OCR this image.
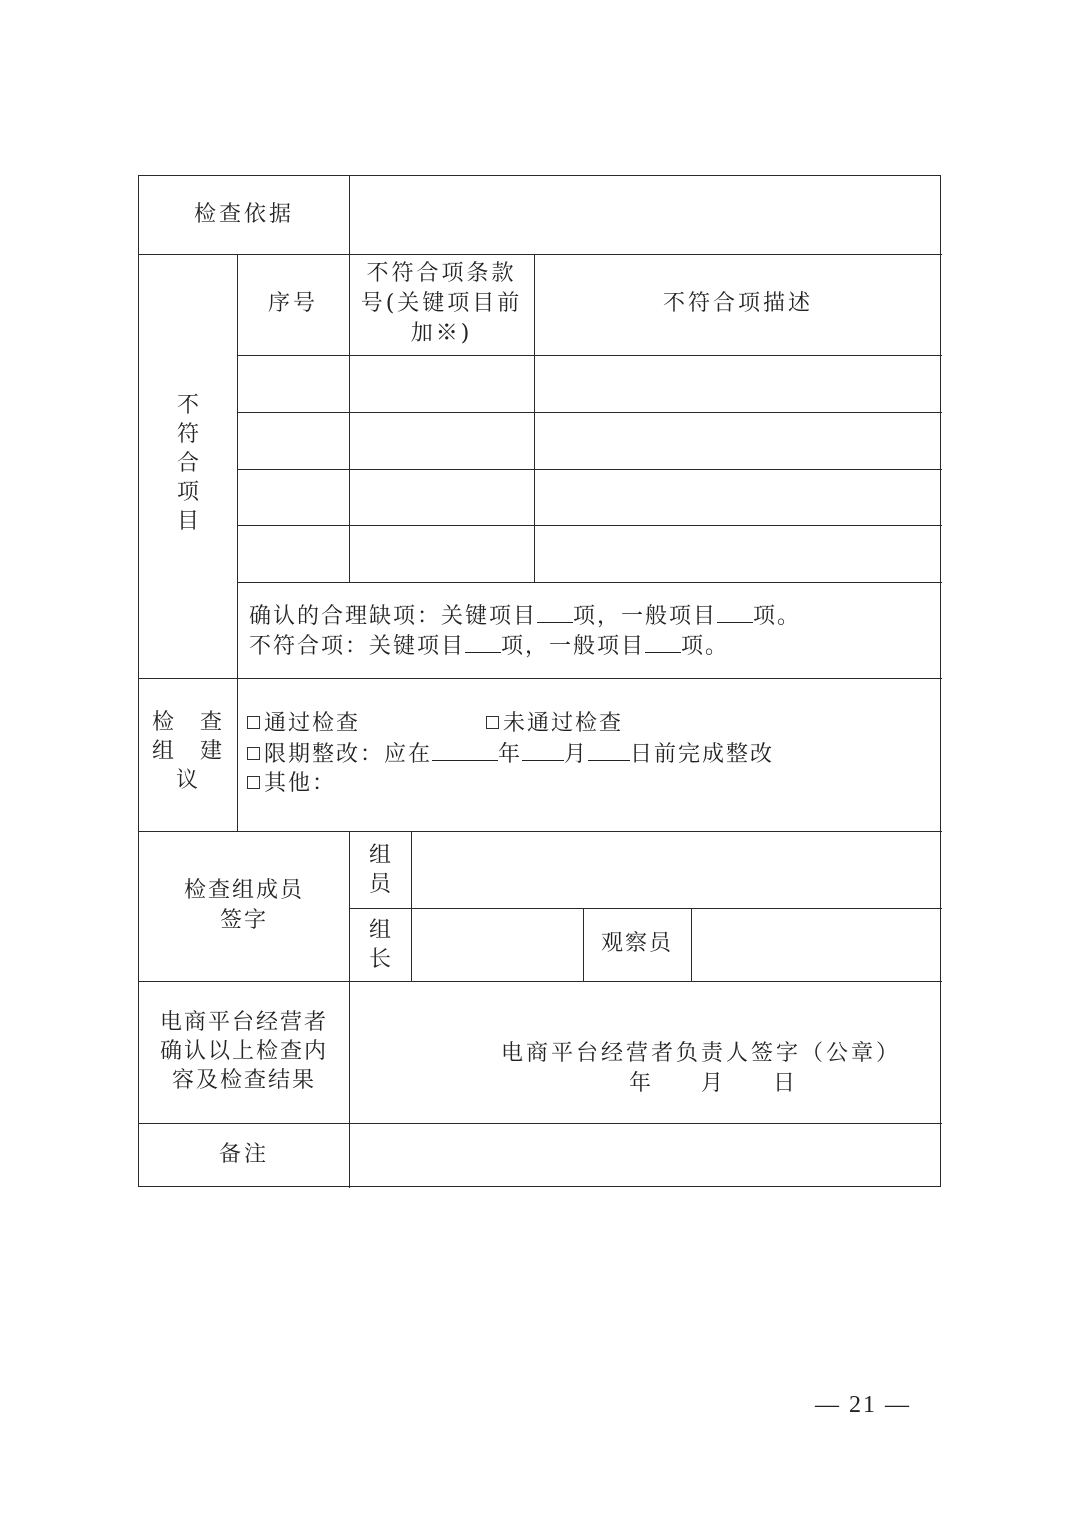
检查依据
不
符
合
项
目
序号
不符合项条款
号(关键项目前
加※)
不符合项描述
确认的合理缺项：关键项目 项，一般项目 项。
不符合项：关键项目 项，一般项目 项。
检　查
组　建
议
通过检查	未通过检查
限期整改：应在	年 月 日前完成整改
其他：
检查组成员
签字
组
员
组
长
观察员
电商平台经营者
确认以上检查内
容及检查结果
电商平台经营者负责人签字（公章）
年 月 日
备注
— 21 —
